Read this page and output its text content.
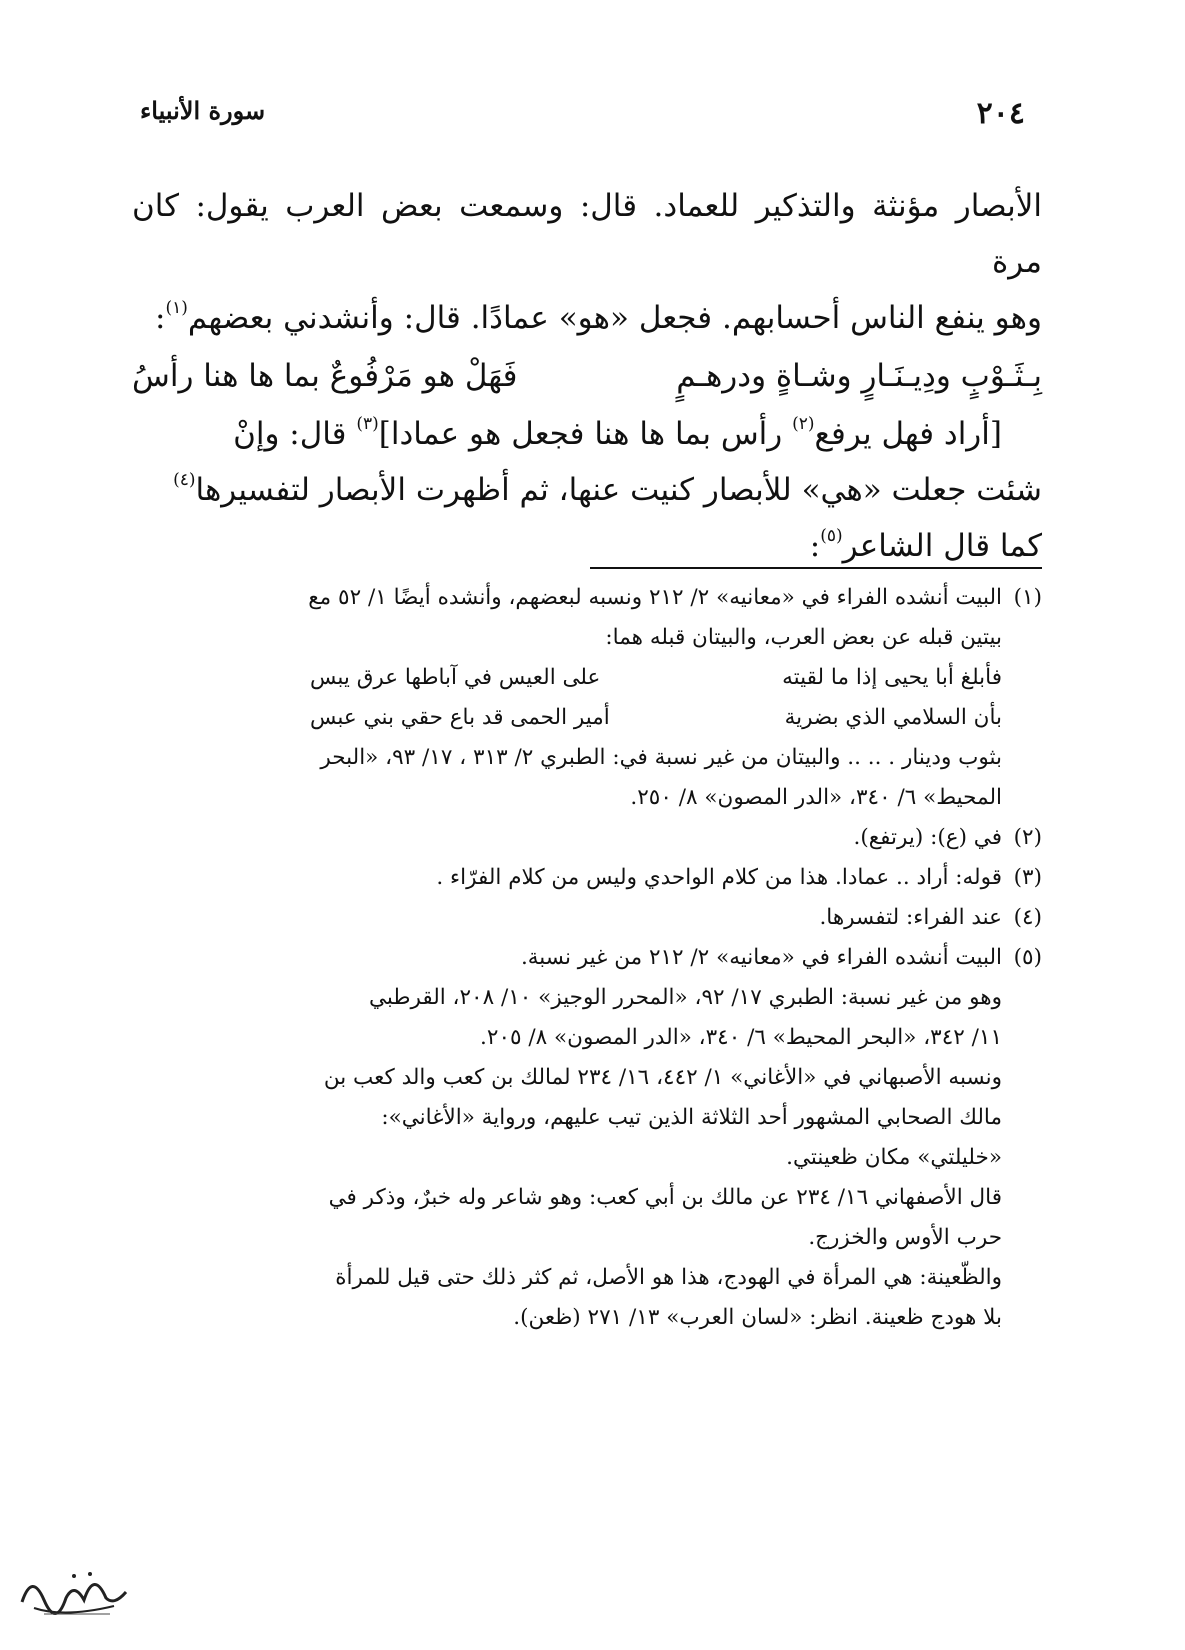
٢٠٤
سورة الأنبياء

الأبصار مؤنثة والتذكير للعماد. قال: وسمعت بعض العرب يقول: كان مرة

وهو ينفع الناس أحسابهم. فجعل «هو» عمادًا. قال: وأنشدني بعضهم$^{(١)}$:

بِـثَـوْبٍ ودِيـنَـارٍ وشـاةٍ ودرهـمٍ
فَهَلْ هو مَرْفُوعٌ بما ها هنا رأسُ

[أراد فهل يرفع$^{(٢)}$ رأس بما ها هنا فجعل هو عمادا]$^{(٣)}$ قال: وإنْ

شئت جعلت «هي» للأبصار كنيت عنها، ثم أظهرت الأبصار لتفسيرها$^{(٤)}$

كما قال الشاعر$^{(٥)}$:

(١)

البيت أنشده الفراء في «معانيه» ٢/ ٢١٢ ونسبه لبعضهم، وأنشده أيضًا ١/ ٥٢ مع

بيتين قبله عن بعض العرب، والبيتان قبله هما:

فأبلغ أبا يحيى إذا ما لقيته
على العيس في آباطها عرق يبس
بأن السلامي الذي بضرية
أمير الحمى قد باع حقي بني عبس

بثوب ودينار . .. .. والبيتان من غير نسبة في: الطبري ٢/ ٣١٣ ، ١٧/ ٩٣، «البحر

المحيط» ٦/ ٣٤٠، «الدر المصون» ٨/ ٢٥٠.

(٢)

في (ع): (يرتفع).

(٣)

قوله: أراد .. عمادا. هذا من كلام الواحدي وليس من كلام الفرّاء .

(٤)

عند الفراء: لتفسرها.

(٥)

البيت أنشده الفراء في «معانيه» ٢/ ٢١٢ من غير نسبة.

وهو من غير نسبة: الطبري ١٧/ ٩٢، «المحرر الوجيز» ١٠/ ٢٠٨، القرطبي

١١/ ٣٤٢، «البحر المحيط» ٦/ ٣٤٠، «الدر المصون» ٨/ ٢٠٥.

ونسبه الأصبهاني في «الأغاني» ١/ ٤٤٢، ١٦/ ٢٣٤ لمالك بن كعب والد كعب بن

مالك الصحابي المشهور أحد الثلاثة الذين تيب عليهم، ورواية «الأغاني»:

«خليلتي» مكان ظعينتي.

قال الأصفهاني ١٦/ ٢٣٤ عن مالك بن أبي كعب: وهو شاعر وله خبرٌ، وذكر في

حرب الأوس والخزرج.

والظّعينة: هي المرأة في الهودج، هذا هو الأصل، ثم كثر ذلك حتى قيل للمرأة

بلا هودج ظعينة. انظر: «لسان العرب» ١٣/ ٢٧١ (ظعن).
